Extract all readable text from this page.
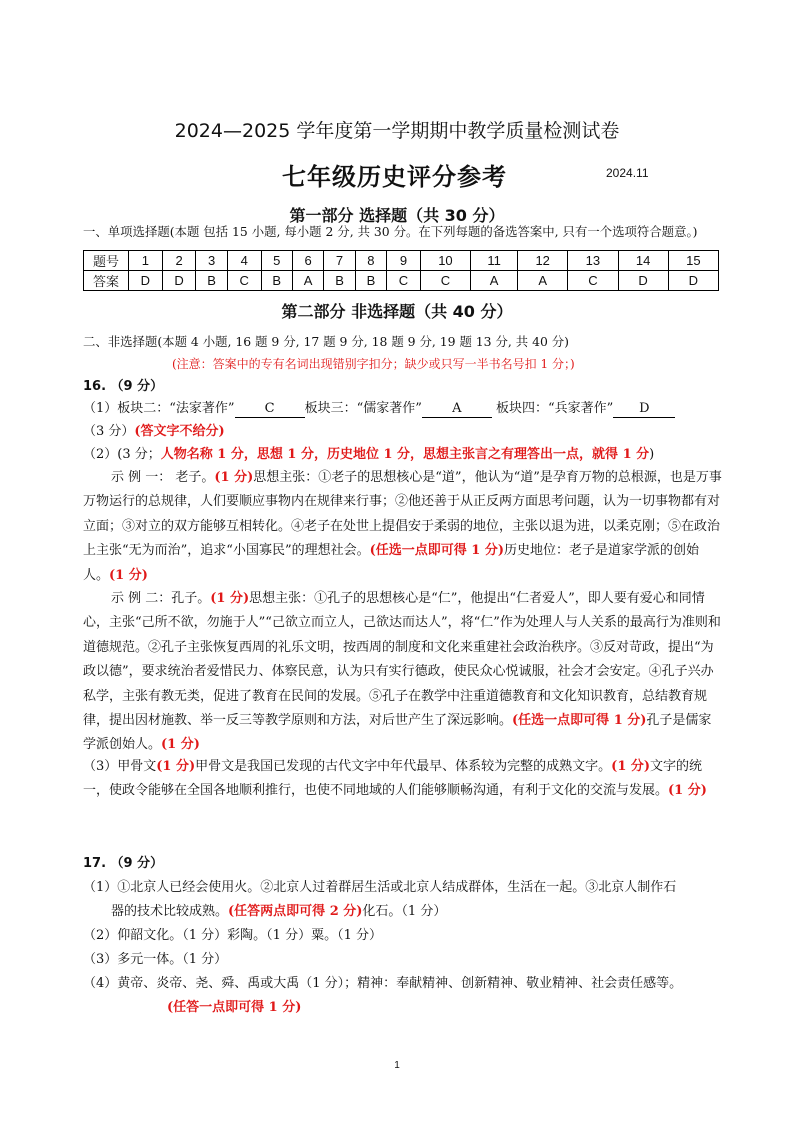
2024—2025 学年度第一学期期中教学质量检测试卷
七年级历史评分参考	2024.11
第一部分 选择题（共 30 分）
一、单项选择题(本题 包括 15 小题, 每小题 2 分, 共 30 分。在下列每题的备选答案中, 只有一个选项符合题意。)
题号	1	2	3	4	5	6	7	8	9	10	11	12	13	14	15
答案	D	D	B	C	B	A	B	B	C	C	A	A	C	D	D
第二部分 非选择题（共 40 分）
二、非选择题(本题 4 小题, 16 题 9 分, 17 题 9 分, 18 题 9 分, 19 题 13 分, 共 40 分)
(注意：答案中的专有名词出现错别字扣分；缺少或只写一半书名号扣 1 分；)
16. （9 分）
（1）板块二：“法家著作” C 板块三：“儒家著作” A	板块四：“兵家著作” D
（3 分）(答文字不给分)
（2）(3 分；人物名称 1 分，思想 1 分，历史地位 1 分，思想主张言之有理答出一点，就得 1 分)
示 例 一： 老子。(1 分)思想主张：①老子的思想核心是“道”，他认为“道”是孕育万物的总根源，也是万事万物运行的总规律，人们要顺应事物内在规律来行事；②他还善于从正反两方面思考问题，认为一切事物都有对立面；③对立的双方能够互相转化。④老子在处世上提倡安于柔弱的地位，主张以退为进，以柔克刚；⑤在政治上主张“无为而治”，追求“小国寡民”的理想社会。(任选一点即可得 1 分)历史地位：老子是道家学派的创始人。(1 分)
示 例 二：孔子。(1 分)思想主张：①孔子的思想核心是“仁”，他提出“仁者爱人”，即人要有爱心和同情心，主张“己所不欲，勿施于人”“己欲立而立人，己欲达而达人”，将“仁”作为处理人与人关系的最高行为准则和道德规范。②孔子主张恢复西周的礼乐文明，按西周的制度和文化来重建社会政治秩序。③反对苛政，提出“为政以德”，要求统治者爱惜民力、体察民意，认为只有实行德政，使民众心悦诚服，社会才会安定。④孔子兴办私学，主张有教无类，促进了教育在民间的发展。⑤孔子在教学中注重道德教育和文化知识教育，总结教育规律，提出因材施教、举一反三等教学原则和方法，对后世产生了深远影响。(任选一点即可得 1 分)孔子是儒家学派创始人。(1 分)
（3）甲骨文(1 分)甲骨文是我国已发现的古代文字中年代最早、体系较为完整的成熟文字。(1 分)文字的统一，使政令能够在全国各地顺利推行，也使不同地域的人们能够顺畅沟通，有利于文化的交流与发展。(1 分)
17. （9 分）
（1）①北京人已经会使用火。②北京人过着群居生活或北京人结成群体，生活在一起。③北京人制作石
器的技术比较成熟。(任答两点即可得 2 分)化石。（1 分）
（2）仰韶文化。（1 分）彩陶。（1 分）粟。（1 分）
（3）多元一体。（1 分）
（4）黄帝、炎帝、尧、舜、禹或大禹（1 分）；精神：奉献精神、创新精神、敬业精神、社会责任感等。
(任答一点即可得 1 分)
1
